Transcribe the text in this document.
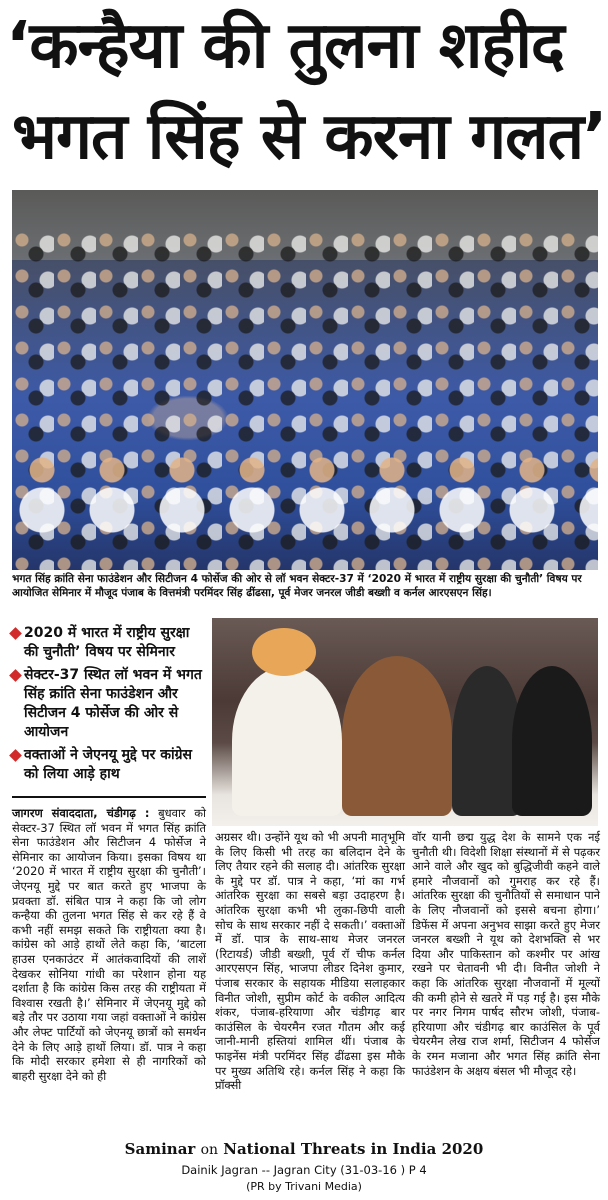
‘कन्हैया की तुलना शहीद
भगत सिंह से करना गलत’
भगत सिंह क्रांति सेना फाउंडेशन और सिटीजन 4 फोर्सेज की ओर से लॉ भवन सेक्टर-37 में ‘2020 में भारत में राष्ट्रीय सुरक्षा की चुनौती’ विषय पर आयोजित सेमिनार में मौजूद पंजाब के वित्तमंत्री परमिंदर सिंह ढींढसा, पूर्व मेजर जनरल जीडी बख्शी व कर्नल आरएसएन सिंह।
2020 में भारत में राष्ट्रीय सुरक्षा की चुनौती’ विषय पर सेमिनार
सेक्टर-37 स्थित लॉ भवन में भगत सिंह क्रांति सेना फाउंडेशन और सिटीजन 4 फोर्सेज की ओर से आयोजन
वक्ताओं ने जेएनयू मुद्दे पर कांग्रेस को लिया आड़े हाथ
जागरण संवाददाता, चंडीगढ़ : बुधवार को सेक्टर-37 स्थित लॉ भवन में भगत सिंह क्रांति सेना फाउंडेशन और सिटीजन 4 फोर्सेज ने सेमिनार का आयोजन किया। इसका विषय था ‘2020 में भारत में राष्ट्रीय सुरक्षा की चुनौती’। जेएनयू मुद्दे पर बात करते हुए भाजपा के प्रवक्ता डॉ. संबित पात्र ने कहा कि जो लोग कन्हैया की तुलना भगत सिंह से कर रहे हैं वे कभी नहीं समझ सकते कि राष्ट्रीयता क्या है। कांग्रेस को आड़े हाथों लेते कहा कि, ‘बाटला हाउस एनकाउंटर में आतंकवादियों की लाशें देखकर सोनिया गांधी का परेशान होना यह दर्शाता है कि कांग्रेस किस तरह की राष्ट्रीयता में विश्वास रखती है।’ सेमिनार में जेएनयू मुद्दे को बड़े तौर पर उठाया गया जहां वक्ताओं ने कांग्रेस और लेफ्ट पार्टियों को जेएनयू छात्रों को समर्थन देने के लिए आड़े हाथों लिया। डॉ. पात्र ने कहा कि मोदी सरकार हमेशा से ही नागरिकों को बाहरी सुरक्षा देने को ही
अग्रसर थी। उन्होंने यूथ को भी अपनी मातृभूमि के लिए किसी भी तरह का बलिदान देने के लिए तैयार रहने की सलाह दी। आंतरिक सुरक्षा के मुद्दे पर डॉ. पात्र ने कहा, ‘मां का गर्भ आंतरिक सुरक्षा का सबसे बड़ा उदाहरण है। आंतरिक सुरक्षा कभी भी लुका-छिपी वाली सोच के साथ सरकार नहीं दे सकती।’ वक्ताओं में डॉ. पात्र के साथ-साथ मेजर जनरल (रिटायर्ड) जीडी बख्शी, पूर्व रॉ चीफ कर्नल आरएसएन सिंह, भाजपा लीडर दिनेश कुमार, पंजाब सरकार के सहायक मीडिया सलाहकार विनीत जोशी, सुप्रीम कोर्ट के वकील आदित्य शंकर, पंजाब-हरियाणा और चंडीगढ़ बार काउंसिल के चेयरमैन रजत गौतम और कई जानी-मानी हस्तियां शामिल थीं। पंजाब के फाइनेंस मंत्री परमिंदर सिंह ढींढसा इस मौके पर मुख्य अतिथि रहे। कर्नल सिंह ने कहा कि प्रॉक्सी
वॉर यानी छद्म युद्ध देश के सामने एक नई चुनौती थी। विदेशी शिक्षा संस्थानों में से पढ़कर आने वाले और खुद को बुद्धिजीवी कहने वाले हमारे नौजवानों को गुमराह कर रहे हैं। आंतरिक सुरक्षा की चुनौतियों से समाधान पाने के लिए नौजवानों को इससे बचना होगा।’ डिफेंस में अपना अनुभव साझा करते हुए मेजर जनरल बख्शी ने यूथ को देशभक्ति से भर दिया और पाकिस्तान को कश्मीर पर आंख रखने पर चेतावनी भी दी। विनीत जोशी ने कहा कि आंतरिक सुरक्षा नौजवानों में मूल्यों की कमी होने से खतरे में पड़ गई है। इस मौके पर नगर निगम पार्षद सौरभ जोशी, पंजाब-हरियाणा और चंडीगढ़ बार काउंसिल के पूर्व चेयरमैन लेख राज शर्मा, सिटीजन 4 फोर्सेज के रमन मजाना और भगत सिंह क्रांति सेना फाउंडेशन के अक्षय बंसल भी मौजूद रहे।
Saminar on National Threats in India 2020
Dainik Jagran -- Jagran City (31-03-16 ) P 4
(PR by Trivani Media)
